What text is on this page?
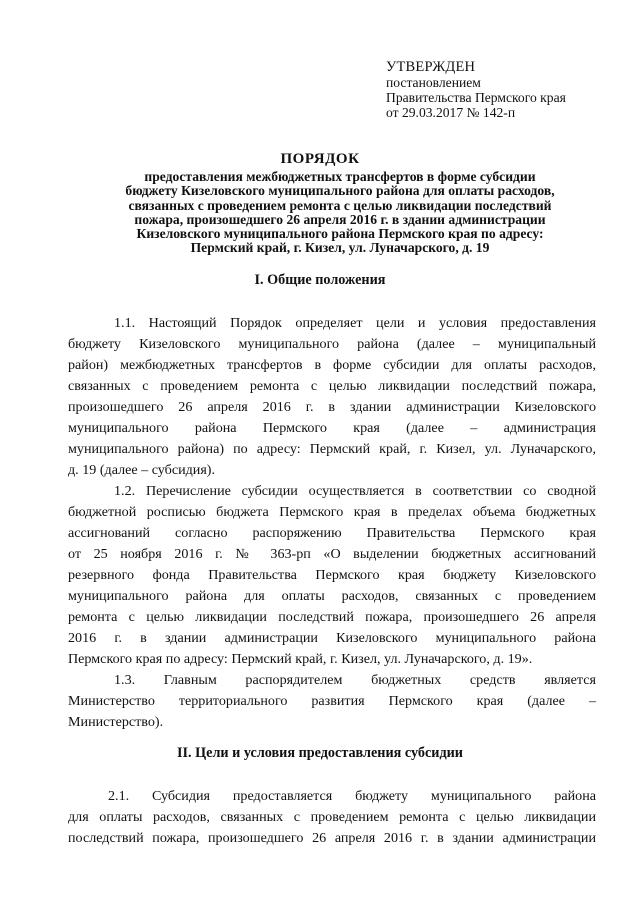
УТВЕРЖДЕН
постановлением
Правительства Пермского края
от 29.03.2017 № 142-п
ПОРЯДОК
предоставления межбюджетных трансфертов в форме субсидии
бюджету Кизеловского муниципального района для оплаты расходов,
связанных с проведением ремонта с целью ликвидации последствий
пожара, произошедшего 26 апреля 2016 г. в здании администрации
Кизеловского муниципального района Пермского края по адресу:
Пермский край, г. Кизел, ул. Луначарского, д. 19
I. Общие положения
1.1. Настоящий Порядок определяет цели и условия предоставления
бюджету Кизеловского муниципального района (далее – муниципальный
район) межбюджетных трансфертов в форме субсидии для оплаты расходов,
связанных с проведением ремонта с целью ликвидации последствий пожара,
произошедшего 26 апреля 2016 г. в здании администрации Кизеловского
муниципального района Пермского края (далее – администрация
муниципального района) по адресу: Пермский край, г. Кизел, ул. Луначарского,
д. 19 (далее – субсидия).
1.2. Перечисление субсидии осуществляется в соответствии со сводной
бюджетной росписью бюджета Пермского края в пределах объема бюджетных
ассигнований согласно распоряжению Правительства Пермского края
от 25 ноября 2016 г. № 363-рп «О выделении бюджетных ассигнований
резервного фонда Правительства Пермского края бюджету Кизеловского
муниципального района для оплаты расходов, связанных с проведением
ремонта с целью ликвидации последствий пожара, произошедшего 26 апреля
2016 г. в здании администрации Кизеловского муниципального района
Пермского края по адресу: Пермский край, г. Кизел, ул. Луначарского, д. 19».
1.3. Главным распорядителем бюджетных средств является
Министерство территориального развития Пермского края (далее –
Министерство).
II. Цели и условия предоставления субсидии
2.1. Субсидия предоставляется бюджету муниципального района
для оплаты расходов, связанных с проведением ремонта с целью ликвидации
последствий пожара, произошедшего 26 апреля 2016 г. в здании администрации
